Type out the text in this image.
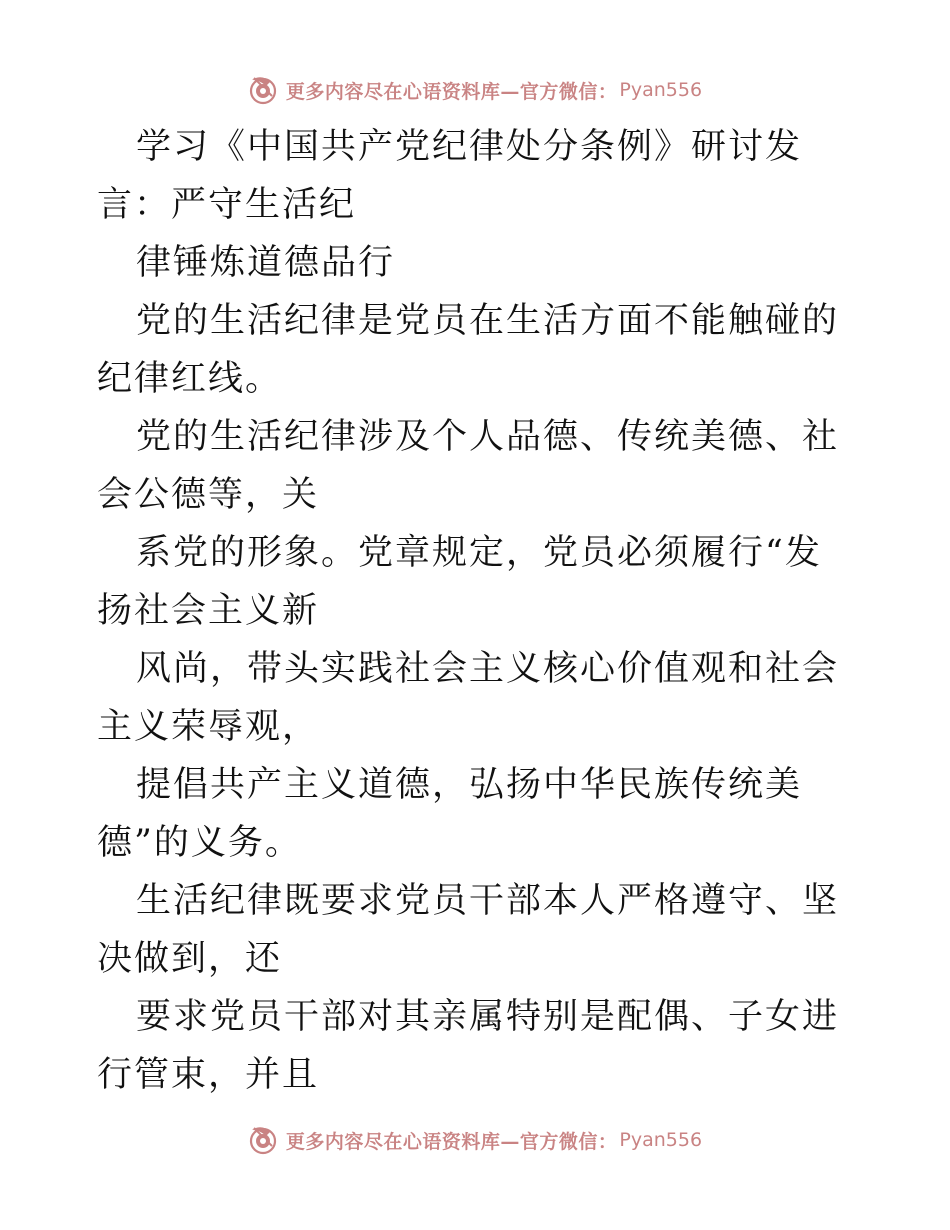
更多内容尽在心语资料库—官方微信： Pyan556

学习《中国共产党纪律处分条例》研讨发言：严守生活纪

律锤炼道德品行

党的生活纪律是党员在生活方面不能触碰的纪律红线。

党的生活纪律涉及个人品德、传统美德、社会公德等，关

系党的形象。党章规定，党员必须履行“发扬社会主义新

风尚，带头实践社会主义核心价值观和社会主义荣辱观，

提倡共产主义道德，弘扬中华民族传统美德”的义务。

生活纪律既要求党员干部本人严格遵守、坚决做到，还

要求党员干部对其亲属特别是配偶、子女进行管束，并且

更多内容尽在心语资料库—官方微信： Pyan556
